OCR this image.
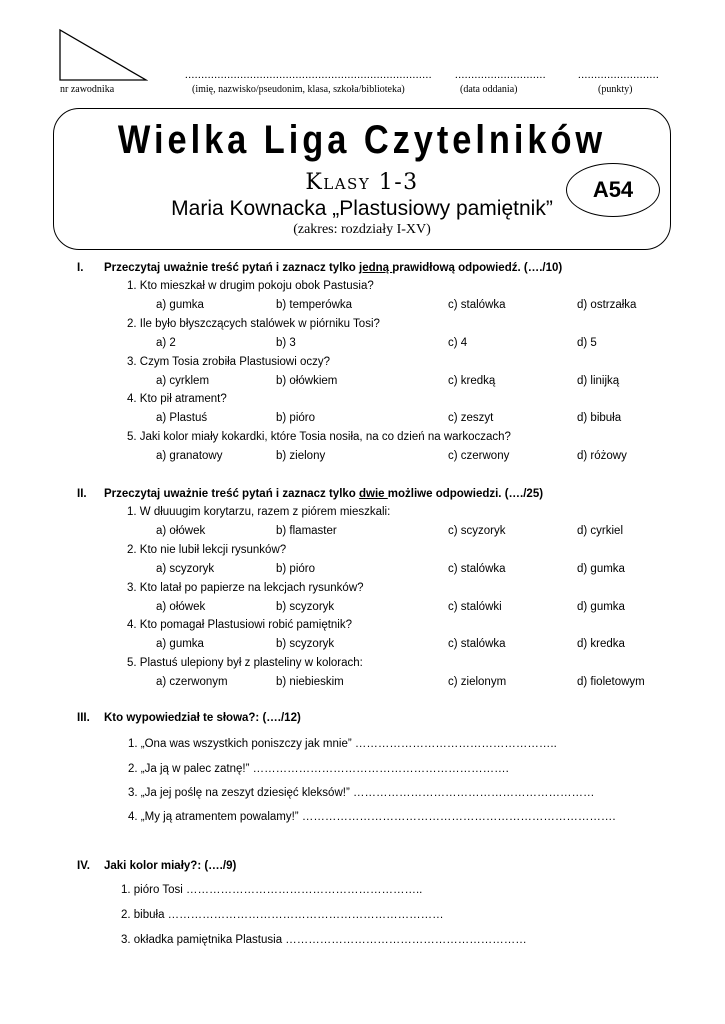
nr zawodnika
............................................................................
(imię, nazwisko/pseudonim, klasa, szkoła/biblioteka)
............................
(data oddania)
.........................
(punkty)
Wielka Liga Czytelników
Klasy 1-3
Maria Kownacka „Plastusiowy pamiętnik”
(zakres: rozdziały I-XV)
A54
I. Przeczytaj uważnie treść pytań i zaznacz tylko jedną prawidłową odpowiedź. (…./10)
1. Kto mieszkał w drugim pokoju obok Pastusia?
a) gumka	b) temperówka	c) stalówka	d) ostrzałka
2. Ile było błyszczących stalówek w piórniku Tosi?
a) 2	b) 3	c) 4	d) 5
3. Czym Tosia zrobiła Plastusiowi oczy?
a) cyrklem	b) ołówkiem	c) kredką	d) linijką
4. Kto pił atrament?
a) Plastuś	b) pióro	c) zeszyt	d) bibuła
5. Jaki kolor miały kokardki, które Tosia nosiła, na co dzień na warkoczach?
a) granatowy	b) zielony	c) czerwony	d) różowy
II. Przeczytaj uważnie treść pytań i zaznacz tylko dwie możliwe odpowiedzi. (…./25)
1. W dłuuugim korytarzu, razem z piórem mieszkali:
a) ołówek	b) flamaster	c) scyzoryk	d) cyrkiel
2. Kto nie lubił lekcji rysunków?
a) scyzoryk	b) pióro	c) stalówka	d) gumka
3. Kto latał po papierze na lekcjach rysunków?
a) ołówek	b) scyzoryk	c) stalówki	d) gumka
4. Kto pomagał Plastusiowi robić pamiętnik?
a) gumka	b) scyzoryk	c) stalówka	d) kredka
5. Plastuś ulepiony był z plasteliny w kolorach:
a) czerwonym	b) niebieskim	c) zielonym	d) fioletowym
III. Kto wypowiedział te słowa?: (…./12)
1. „Ona was wszystkich poniszczy jak mnie” ……………………………………………..
2. „Ja ją w palec zatnę!” ………………………………………………………….
3. „Ja jej poślę na zeszyt dziesięć kleksów!” ………………………………………………………
4. „My ją atramentem powalamy!” ……………………………………………………………………….
IV. Jaki kolor miały?: (…./9)
1. pióro Tosi ……………………………………………………..
2. bibuła ………………………………………………………………
3. okładka pamiętnika Plastusia ………………………………………………………
